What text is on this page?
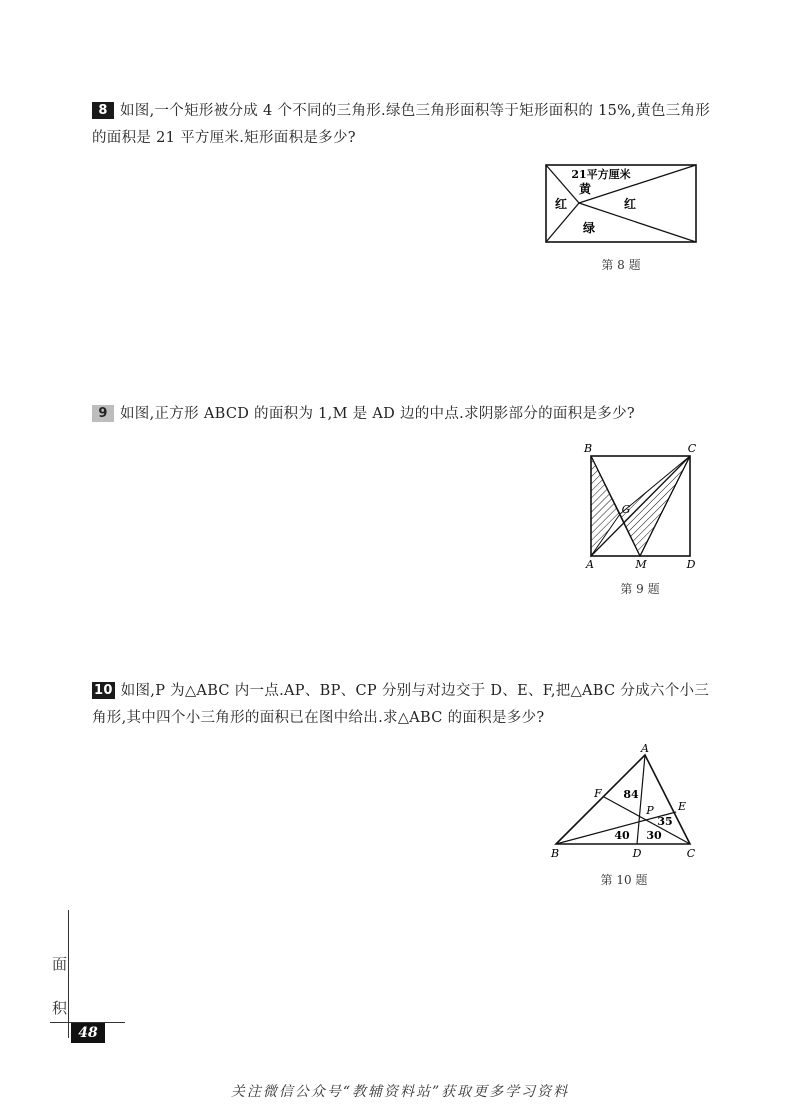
8 如图,一个矩形被分成 4 个不同的三角形.绿色三角形面积等于矩形面积的 15%,黄色三角形的面积是 21 平方厘米.矩形面积是多少?
21平方厘米
黄
红	红
绿
第 8 题
9 如图,正方形 ABCD 的面积为 1,M 是 AD 边的中点.求阴影部分的面积是多少?
B	C
G
A	M	D
第 9 题
10 如图,P 为△ABC 内一点.AP、BP、CP 分别与对边交于 D、E、F,把△ABC 分成六个小三角形,其中四个小三角形的面积已在图中给出.求△ABC 的面积是多少?
A
F
P E
B	D	C
84
35
40 30
第 10 题
面
积
48
关注微信公众号“教辅资料站”获取更多学习资料
